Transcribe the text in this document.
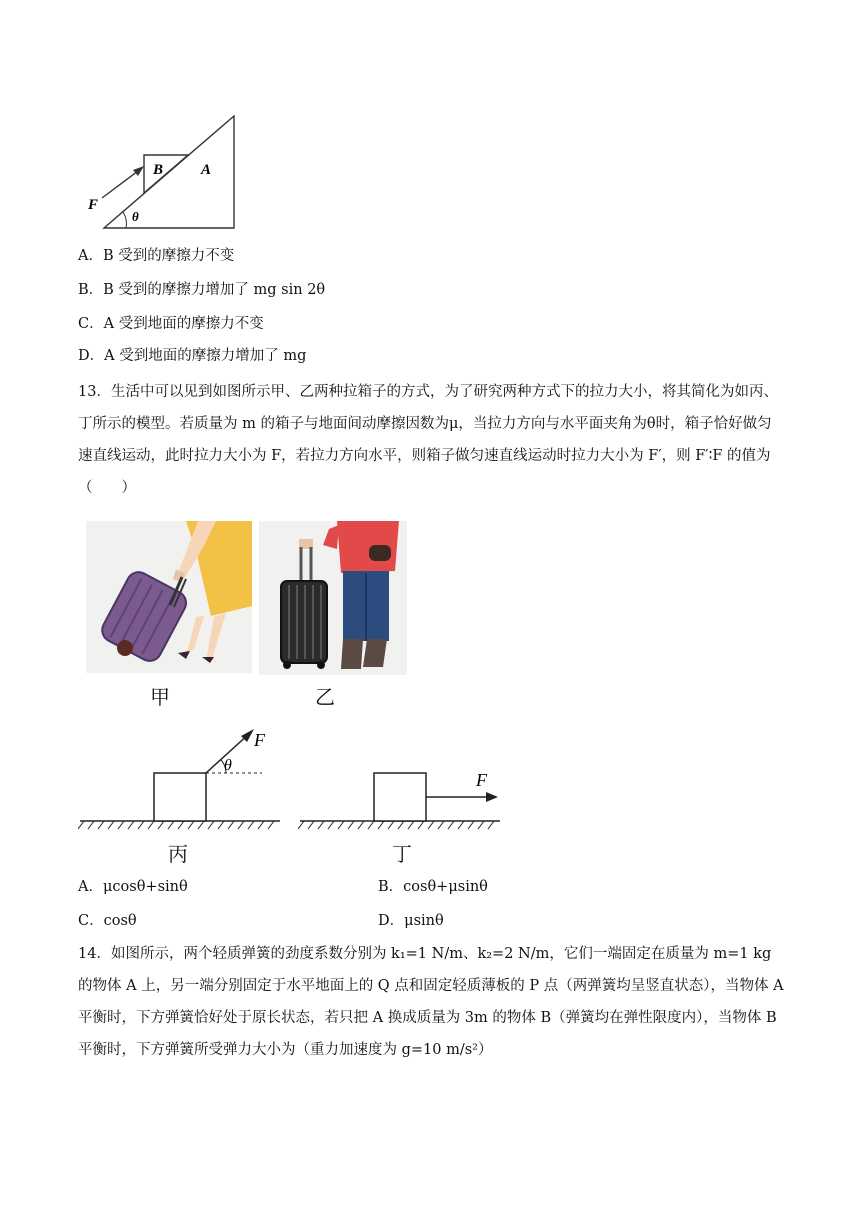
F
B	A
θ
A．B 受到的摩擦力不变
B．B 受到的摩擦力增加了 mg sin 2θ
C．A 受到地面的摩擦力不变
D．A 受到地面的摩擦力增加了 mg
13．生活中可以见到如图所示甲、乙两种拉箱子的方式，为了研究两种方式下的拉力大小，将其简化为如丙、丁所示的模型。若质量为 m 的箱子与地面间动摩擦因数为μ，当拉力方向与水平面夹角为θ时，箱子恰好做匀速直线运动，此时拉力大小为 F，若拉力方向水平，则箱子做匀速直线运动时拉力大小为 F′，则 F′∶F 的值为（　　）
甲	乙
F
θ
F
丙	丁
A．μcosθ+sinθ	B．cosθ+μsinθ
C．cosθ	D．μsinθ
14．如图所示，两个轻质弹簧的劲度系数分别为 k₁=1 N/m、k₂=2 N/m，它们一端固定在质量为 m=1 kg 的物体 A 上，另一端分别固定于水平地面上的 Q 点和固定轻质薄板的 P 点（两弹簧均呈竖直状态），当物体 A 平衡时，下方弹簧恰好处于原长状态，若只把 A 换成质量为 3m 的物体 B（弹簧均在弹性限度内），当物体 B 平衡时，下方弹簧所受弹力大小为（重力加速度为 g=10 m/s²）
